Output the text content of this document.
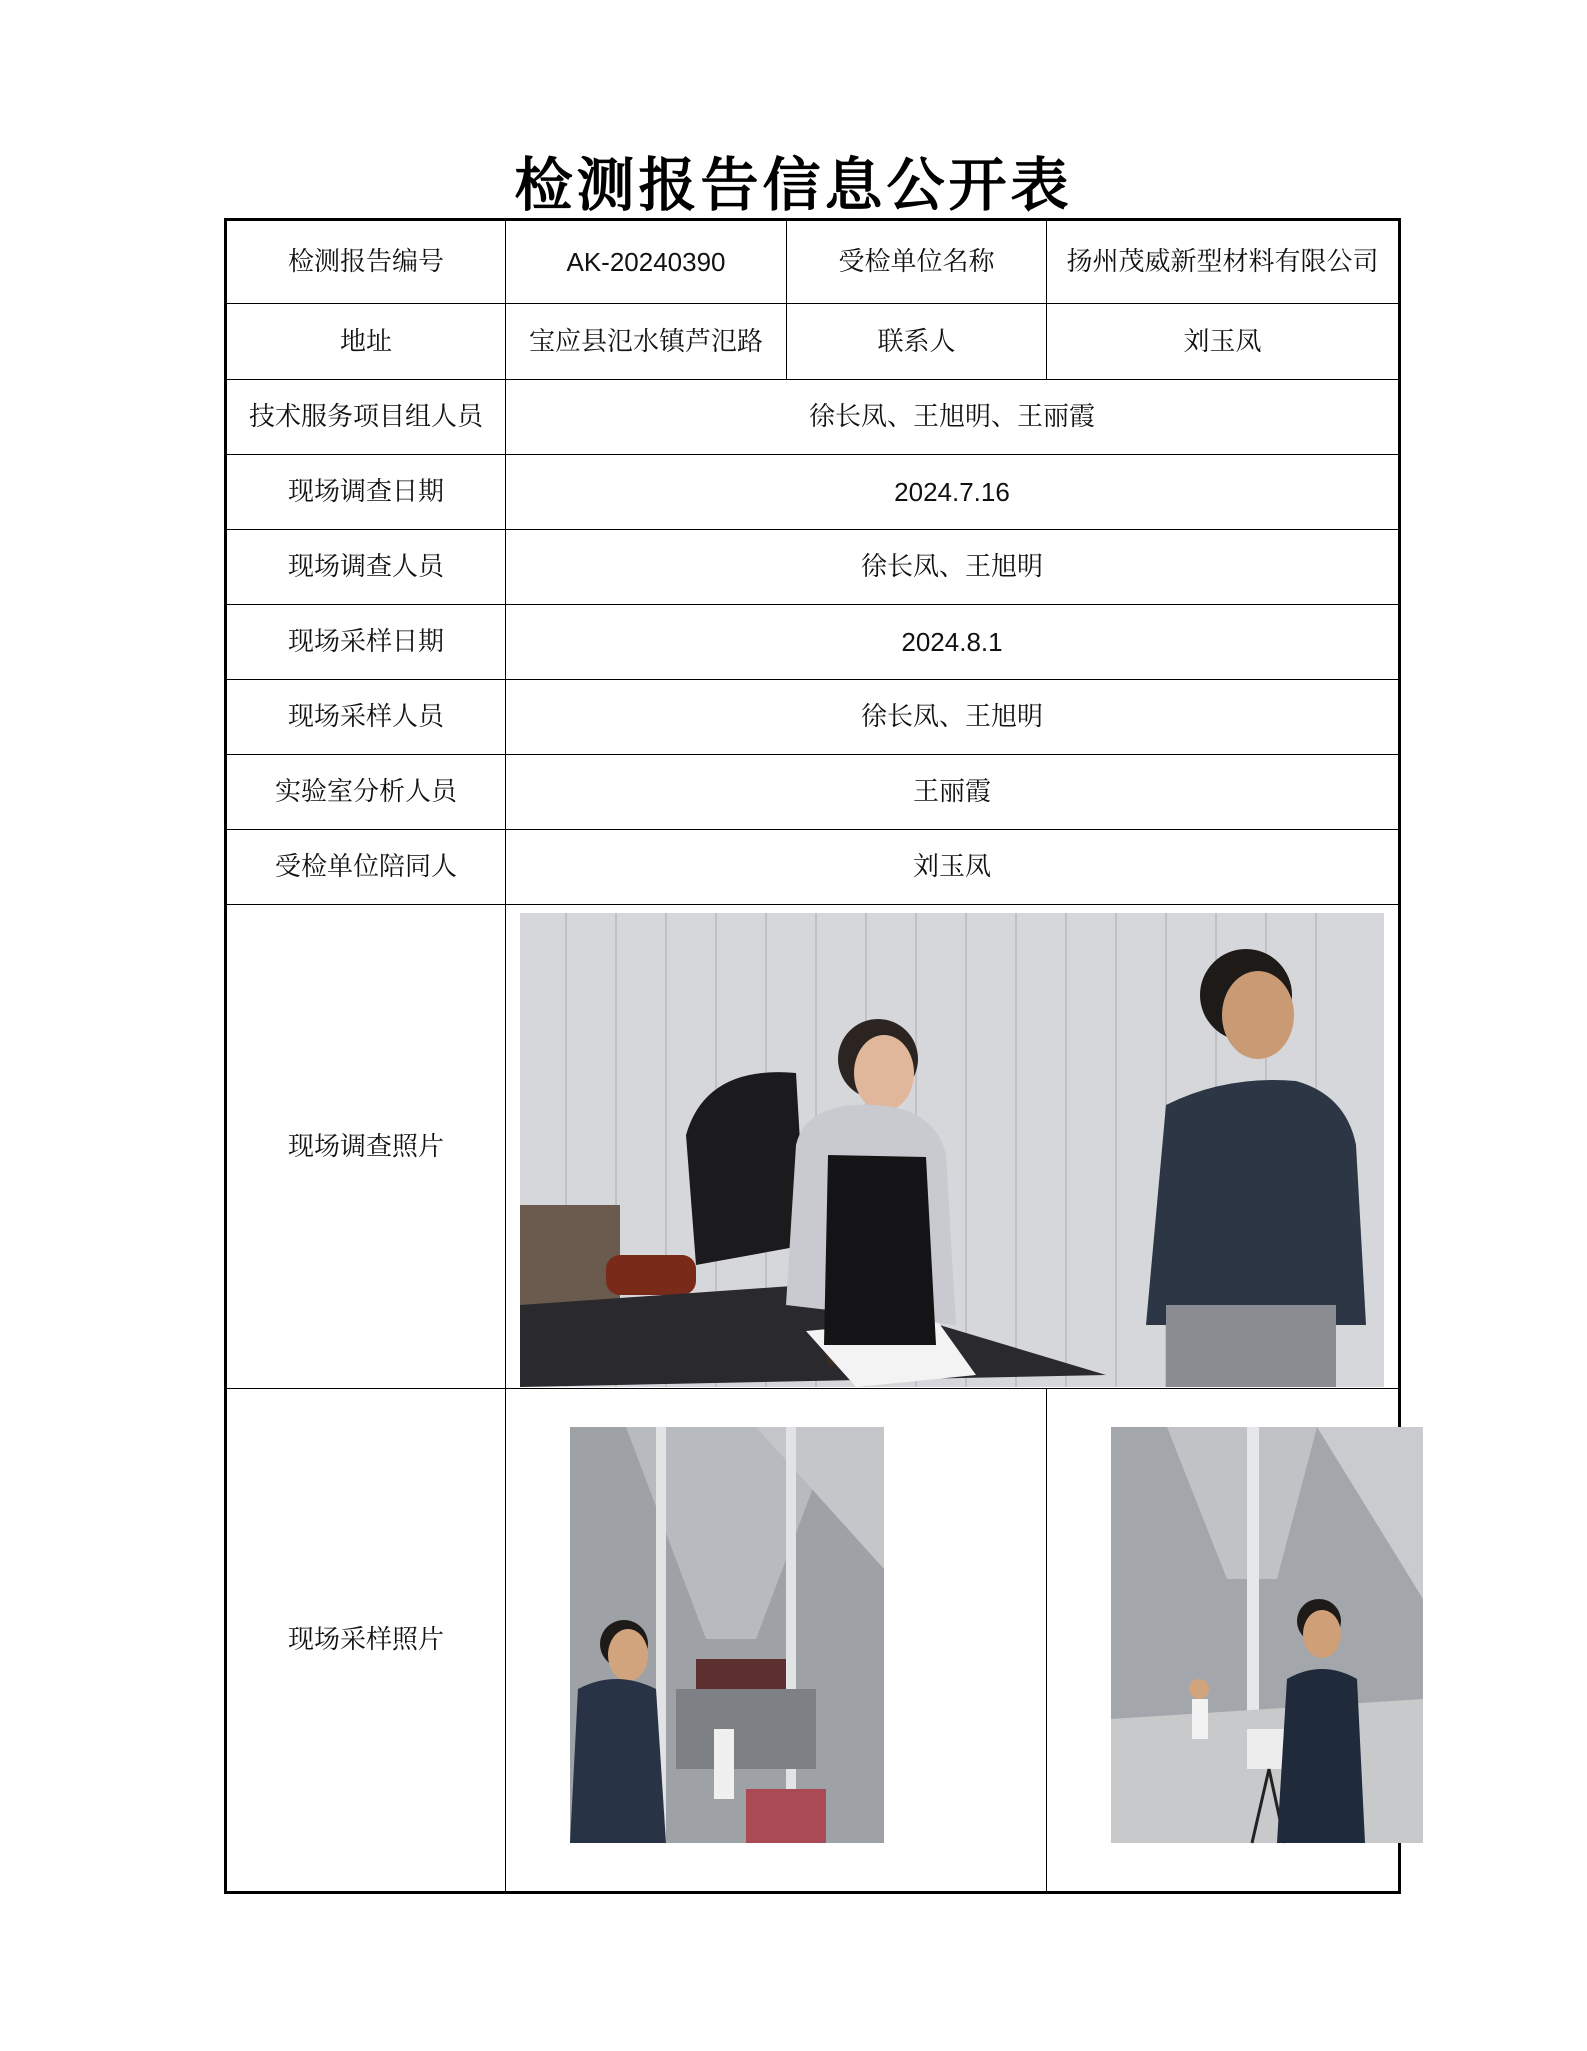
检测报告信息公开表
检测报告编号	AK-20240390	受检单位名称	扬州茂威新型材料有限公司
地址	宝应县氾水镇芦氾路	联系人	刘玉凤
技术服务项目组人员	徐长凤、王旭明、王丽霞		
现场调查日期	2024.7.16		
现场调查人员	徐长凤、王旭明		
现场采样日期	2024.8.1		
现场采样人员	徐长凤、王旭明		
实验室分析人员	王丽霞		
受检单位陪同人	刘玉凤		
现场调查照片	

现场采样照片	
